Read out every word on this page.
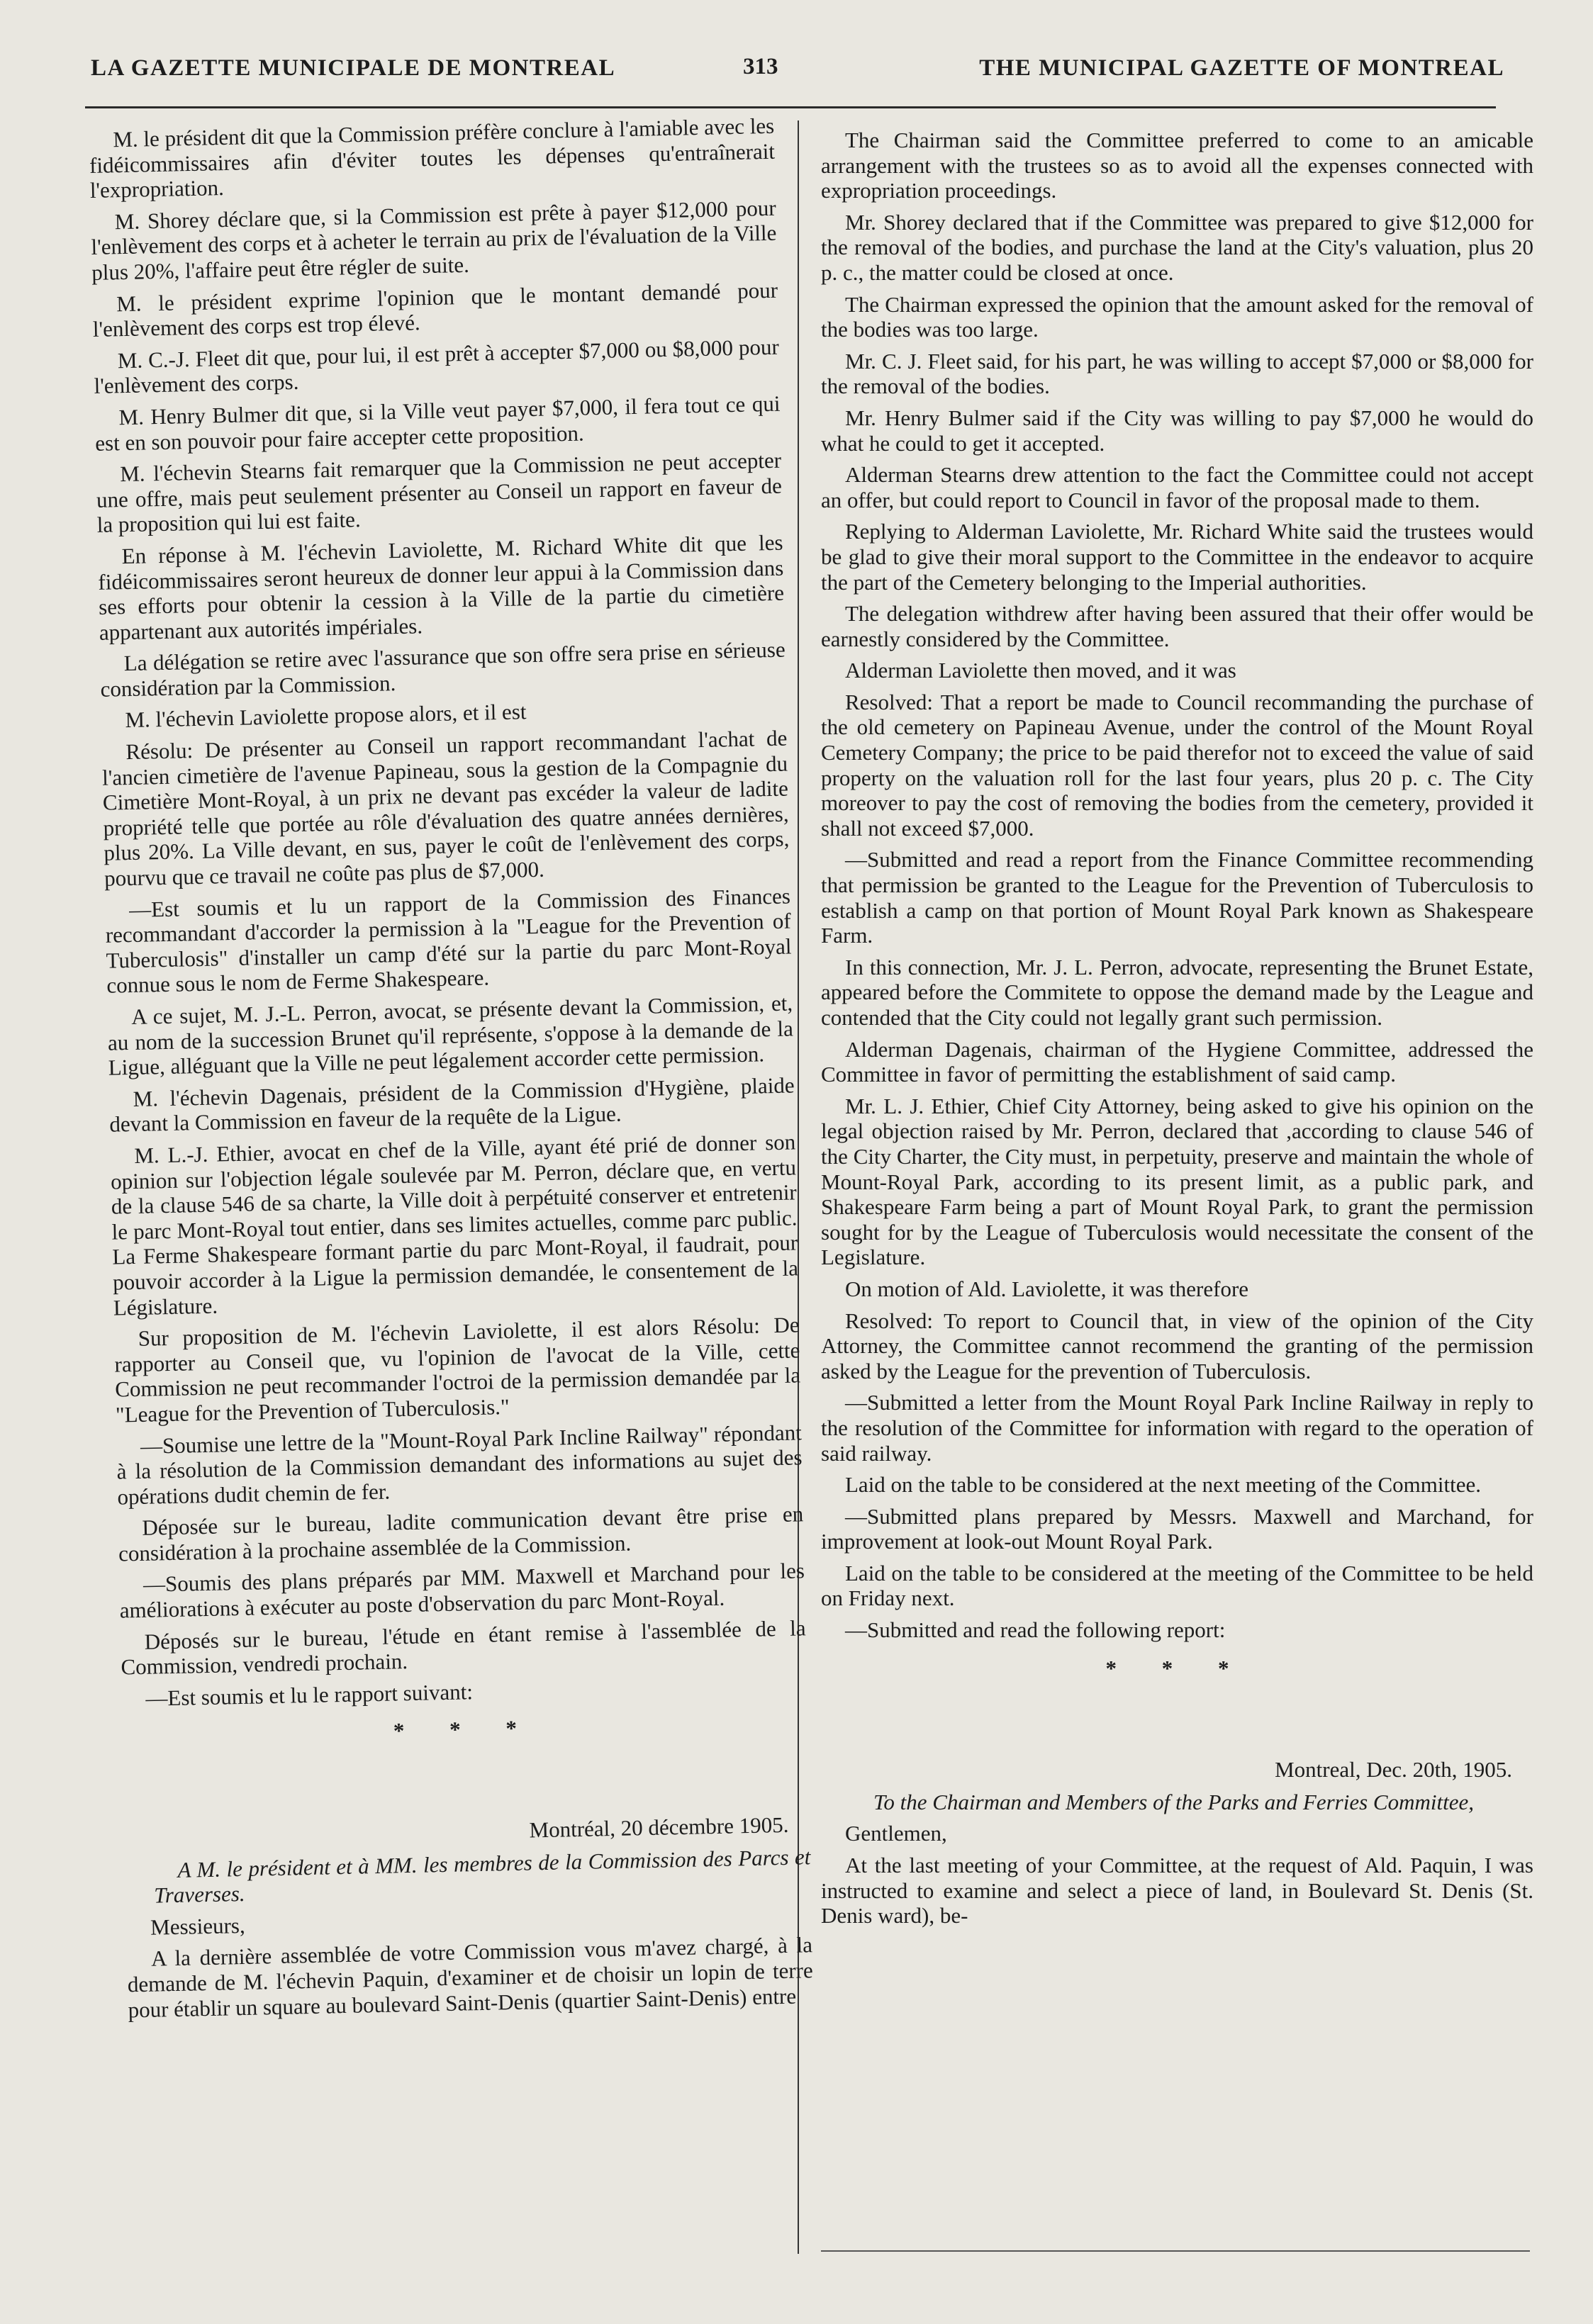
LA GAZETTE MUNICIPALE DE MONTREAL	313	THE MUNICIPAL GAZETTE OF MONTREAL

M. le président dit que la Commission préfère conclure à l'amiable avec les fidéicommissaires afin d'éviter toutes les dépenses qu'entraînerait l'expropriation.

M. Shorey déclare que, si la Commission est prête à payer $12,000 pour l'enlèvement des corps et à acheter le terrain au prix de l'évaluation de la Ville plus 20%, l'affaire peut être régler de suite.

M. le président exprime l'opinion que le montant demandé pour l'enlèvement des corps est trop élevé.

M. C.-J. Fleet dit que, pour lui, il est prêt à accepter $7,000 ou $8,000 pour l'enlèvement des corps.

M. Henry Bulmer dit que, si la Ville veut payer $7,000, il fera tout ce qui est en son pouvoir pour faire accepter cette proposition.

M. l'échevin Stearns fait remarquer que la Commission ne peut accepter une offre, mais peut seulement présenter au Conseil un rapport en faveur de la proposition qui lui est faite.

En réponse à M. l'échevin Laviolette, M. Richard White dit que les fidéicommissaires seront heureux de donner leur appui à la Commission dans ses efforts pour obtenir la cession à la Ville de la partie du cimetière appartenant aux autorités impériales.

La délégation se retire avec l'assurance que son offre sera prise en sérieuse considération par la Commission.

M. l'échevin Laviolette propose alors, et il est

Résolu: De présenter au Conseil un rapport recommandant l'achat de l'ancien cimetière de l'avenue Papineau, sous la gestion de la Compagnie du Cimetière Mont-Royal, à un prix ne devant pas excéder la valeur de ladite propriété telle que portée au rôle d'évaluation des quatre années dernières, plus 20%. La Ville devant, en sus, payer le coût de l'enlèvement des corps, pourvu que ce travail ne coûte pas plus de $7,000.

—Est soumis et lu un rapport de la Commission des Finances recommandant d'accorder la permission à la "League for the Prevention of Tuberculosis" d'installer un camp d'été sur la partie du parc Mont-Royal connue sous le nom de Ferme Shakespeare.

A ce sujet, M. J.-L. Perron, avocat, se présente devant la Commission, et, au nom de la succession Brunet qu'il représente, s'oppose à la demande de la Ligue, alléguant que la Ville ne peut légalement accorder cette permission.

M. l'échevin Dagenais, président de la Commission d'Hygiène, plaide devant la Commission en faveur de la requête de la Ligue.

M. L.-J. Ethier, avocat en chef de la Ville, ayant été prié de donner son opinion sur l'objection légale soulevée par M. Perron, déclare que, en vertu de la clause 546 de sa charte, la Ville doit à perpétuité conserver et entretenir le parc Mont-Royal tout entier, dans ses limites actuelles, comme parc public. La Ferme Shakespeare formant partie du parc Mont-Royal, il faudrait, pour pouvoir accorder à la Ligue la permission demandée, le consentement de la Législature.

Sur proposition de M. l'échevin Laviolette, il est alors Résolu: De rapporter au Conseil que, vu l'opinion de l'avocat de la Ville, cette Commission ne peut recommander l'octroi de la permission demandée par la "League for the Prevention of Tuberculosis."

—Soumise une lettre de la "Mount-Royal Park Incline Railway" répondant à la résolution de la Commission demandant des informations au sujet des opérations dudit chemin de fer.

Déposée sur le bureau, ladite communication devant être prise en considération à la prochaine assemblée de la Commission.

—Soumis des plans préparés par MM. Maxwell et Marchand pour les améliorations à exécuter au poste d'observation du parc Mont-Royal.

Déposés sur le bureau, l'étude en étant remise à l'assemblée de la Commission, vendredi prochain.

—Est soumis et lu le rapport suivant:

* * *
Montréal, 20 décembre 1905.

A M. le président et à MM. les membres de la Commission des Parcs et Traverses.

Messieurs,

A la dernière assemblée de votre Commission vous m'avez chargé, à la demande de M. l'échevin Paquin, d'examiner et de choisir un lopin de terre pour établir un square au boulevard Saint-Denis (quartier Saint-Denis) entre

The Chairman said the Committee preferred to come to an amicable arrangement with the trustees so as to avoid all the expenses connected with expropriation proceedings.

Mr. Shorey declared that if the Committee was prepared to give $12,000 for the removal of the bodies, and purchase the land at the City's valuation, plus 20 p. c., the matter could be closed at once.

The Chairman expressed the opinion that the amount asked for the removal of the bodies was too large.

Mr. C. J. Fleet said, for his part, he was willing to accept $7,000 or $8,000 for the removal of the bodies.

Mr. Henry Bulmer said if the City was willing to pay $7,000 he would do what he could to get it accepted.

Alderman Stearns drew attention to the fact the Committee could not accept an offer, but could report to Council in favor of the proposal made to them.

Replying to Alderman Laviolette, Mr. Richard White said the trustees would be glad to give their moral support to the Committee in the endeavor to acquire the part of the Cemetery belonging to the Imperial authorities.

The delegation withdrew after having been assured that their offer would be earnestly considered by the Committee.

Alderman Laviolette then moved, and it was

Resolved: That a report be made to Council recommanding the purchase of the old cemetery on Papineau Avenue, under the control of the Mount Royal Cemetery Company; the price to be paid therefor not to exceed the value of said property on the valuation roll for the last four years, plus 20 p. c. The City moreover to pay the cost of removing the bodies from the cemetery, provided it shall not exceed $7,000.

—Submitted and read a report from the Finance Committee recommending that permission be granted to the League for the Prevention of Tuberculosis to establish a camp on that portion of Mount Royal Park known as Shakespeare Farm.

In this connection, Mr. J. L. Perron, advocate, representing the Brunet Estate, appeared before the Commitete to oppose the demand made by the League and contended that the City could not legally grant such permission.

Alderman Dagenais, chairman of the Hygiene Committee, addressed the Committee in favor of permitting the establishment of said camp.

Mr. L. J. Ethier, Chief City Attorney, being asked to give his opinion on the legal objection raised by Mr. Perron, declared that ,according to clause 546 of the City Charter, the City must, in perpetuity, preserve and maintain the whole of Mount-Royal Park, according to its present limit, as a public park, and Shakespeare Farm being a part of Mount Royal Park, to grant the permission sought for by the League of Tuberculosis would necessitate the consent of the Legislature.

On motion of Ald. Laviolette, it was therefore

Resolved: To report to Council that, in view of the opinion of the City Attorney, the Committee cannot recommend the granting of the permission asked by the League for the prevention of Tuberculosis.

—Submitted a letter from the Mount Royal Park Incline Railway in reply to the resolution of the Committee for information with regard to the operation of said railway.

Laid on the table to be considered at the next meeting of the Committee.

—Submitted plans prepared by Messrs. Maxwell and Marchand, for improvement at look-out Mount Royal Park.

Laid on the table to be considered at the meeting of the Committee to be held on Friday next.

—Submitted and read the following report:

* * *
Montreal, Dec. 20th, 1905.

To the Chairman and Members of the Parks and Ferries Committee,

Gentlemen,

At the last meeting of your Committee, at the request of Ald. Paquin, I was instructed to examine and select a piece of land, in Boulevard St. Denis (St. Denis ward), be-
